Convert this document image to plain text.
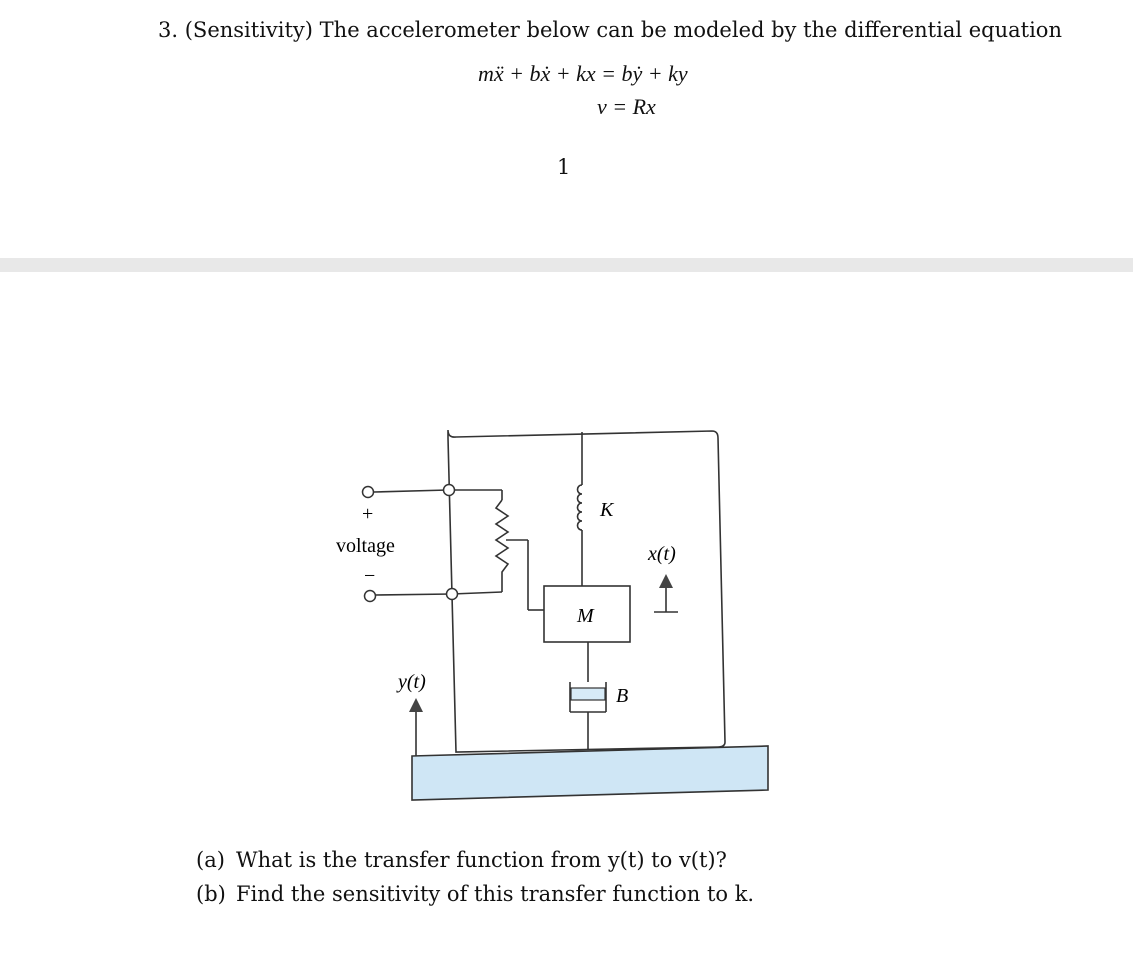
3. (Sensitivity) The accelerometer below can be modeled by the differential equation
mẍ + bẋ + kx = bẏ + ky
v = Rx
1
+
voltage
−
K
M
B
x(t)
y(t)
(a) What is the transfer function from y(t) to v(t)?
(b) Find the sensitivity of this transfer function to k.
